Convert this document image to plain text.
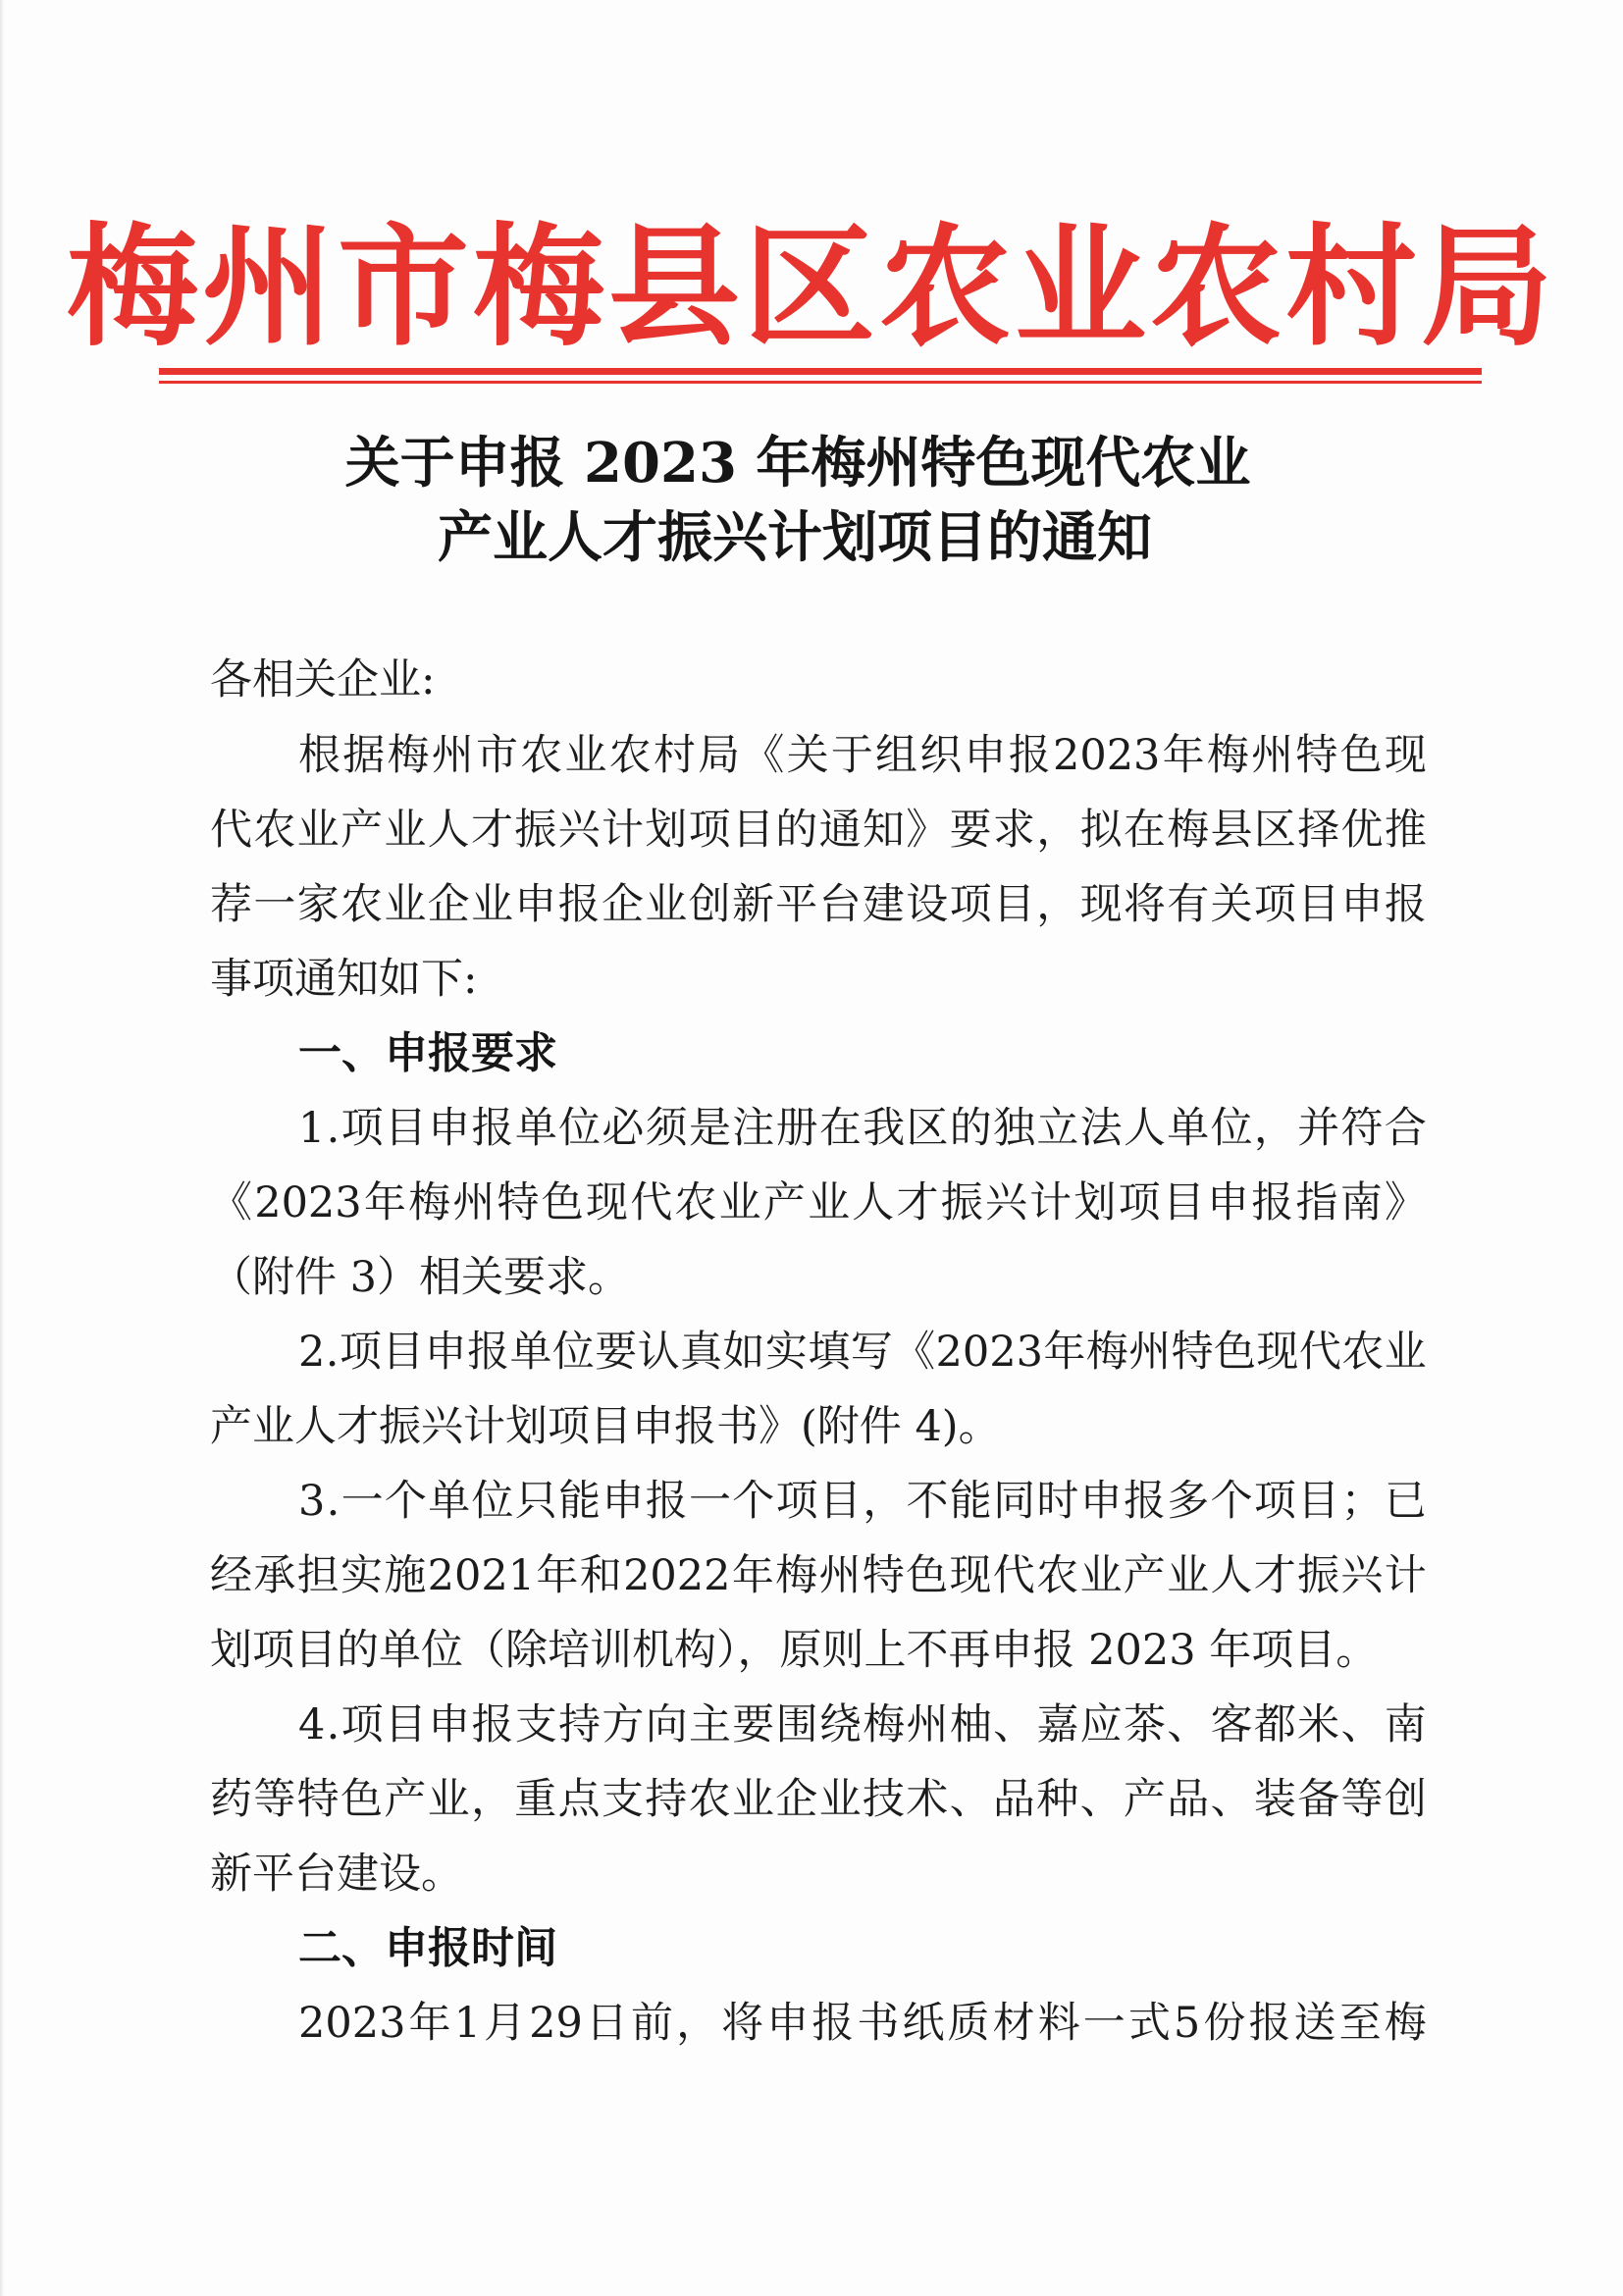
梅州市梅县区农业农村局
关于申报 2023 年梅州特色现代农业
产业人才振兴计划项目的通知
各相关企业:
根 据 梅 州 市 农 业 农 村 局 《 关 于 组 织 申 报 2023 年 梅 州 特 色 现
代 农 业 产 业 人 才 振 兴 计 划 项 目 的 通 知 》 要 求 ， 拟 在 梅 县 区 择 优 推
荐 一 家 农 业 企 业 申 报 企 业 创 新 平 台 建 设 项 目 ， 现 将 有 关 项 目 申 报
事项通知如下:
一、申报要求
1 . 项 目 申 报 单 位 必 须 是 注 册 在 我 区 的 独 立 法 人 单 位 ， 并 符 合
《 2023 年 梅 州 特 色 现 代 农 业 产 业 人 才 振 兴 计 划 项 目 申 报 指 南 》
（附件 3）相关要求。
2 . 项 目 申 报 单 位 要 认 真 如 实 填 写 《 2023 年 梅 州 特 色 现 代 农 业
产业人才振兴计划项目申报书》(附件 4)。
3 . 一 个 单 位 只 能 申 报 一 个 项 目 ， 不 能 同 时 申 报 多 个 项 目 ； 已
经 承 担 实 施 2021 年 和 2022 年 梅 州 特 色 现 代 农 业 产 业 人 才 振 兴 计
划项目的单位（除培训机构），原则上不再申报 2023 年项目。
4 . 项 目 申 报 支 持 方 向 主 要 围 绕 梅 州 柚 、 嘉 应 茶 、 客 都 米 、 南
药 等 特 色 产 业 ， 重 点 支 持 农 业 企 业 技 术 、 品 种 、 产 品 、 装 备 等 创
新平台建设。
二、申报时间
2023 年 1 月 29 日 前 ， 将 申 报 书 纸 质 材 料 一 式 5 份 报 送 至 梅
